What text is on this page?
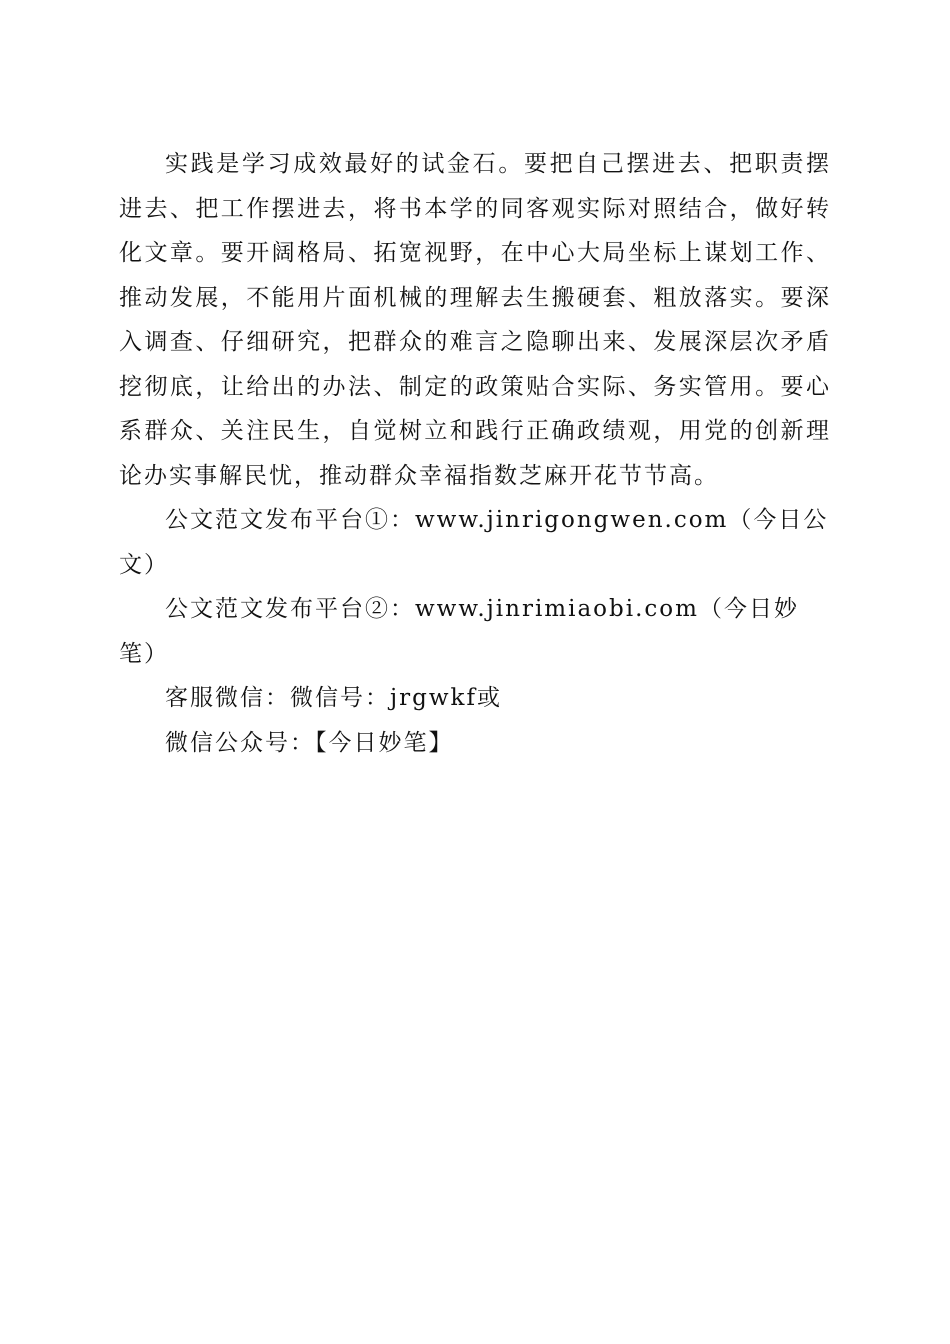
实践是学习成效最好的试金石。要把自己摆进去、把职责摆进去、把工作摆进去，将书本学的同客观实际对照结合，做好转化文章。要开阔格局、拓宽视野，在中心大局坐标上谋划工作、推动发展，不能用片面机械的理解去生搬硬套、粗放落实。要深入调查、仔细研究，把群众的难言之隐聊出来、发展深层次矛盾挖彻底，让给出的办法、制定的政策贴合实际、务实管用。要心系群众、关注民生，自觉树立和践行正确政绩观，用党的创新理论办实事解民忧，推动群众幸福指数芝麻开花节节高。

公文范文发布平台①：www.jinrigongwen.com（今日公文）

公文范文发布平台②：www.jinrimiaobi.com（今日妙笔）

客服微信：微信号：jrgwkf或

微信公众号：【今日妙笔】
